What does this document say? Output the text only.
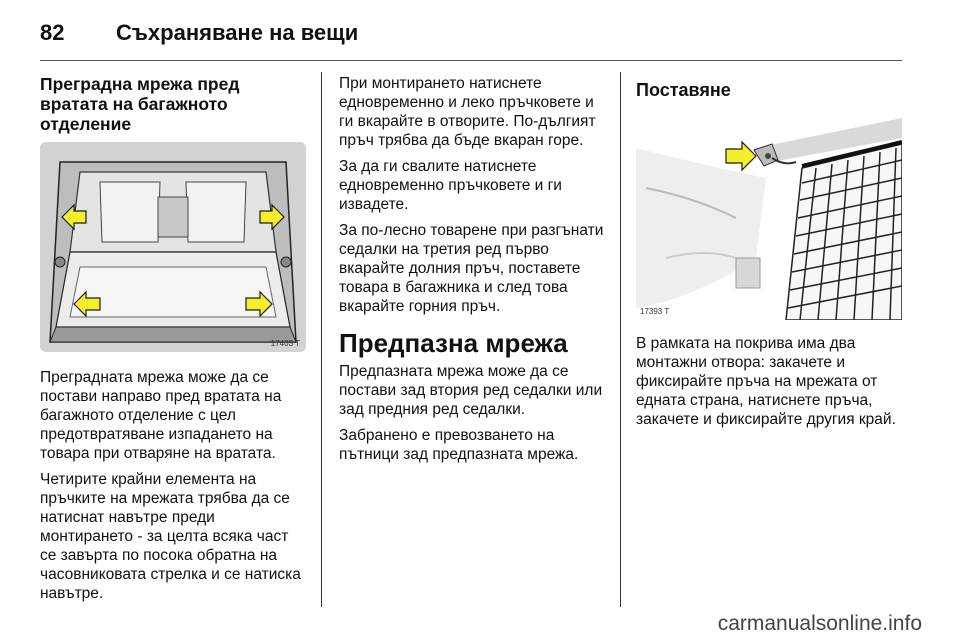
82 Съхраняване на вещи
Преградна мрежа пред вратата на багажното отделение
17403 T

Преградната мрежа може да се постави направо пред вратата на багажното отделение с цел предотвратяване изпадането на товара при отваряне на вратата.

Четирите крайни елемента на пръчките на мрежата трябва да се натиснат навътре преди монтирането - за целта всяка част се завърта по посока обратна на часовниковата стрелка и се натиска навътре.

При монтирането натиснете едновременно и леко пръчковете и ги вкарайте в отворите. По-дългият пръч трябва да бъде вкаран горе.

За да ги свалите натиснете едновременно пръчковете и ги извадете.

За по-лесно товарене при разгънати седалки на третия ред първо вкарайте долния пръч, поставете товара в багажника и след това вкарайте горния пръч.

Предпазна мрежа

Предпазната мрежа може да се постави зад втория ред седалки или зад предния ред седалки.

Забранено е превозването на пътници зад предпазната мрежа.

Поставяне
17393 T

В рамката на покрива има два монтажни отвора: закачете и фиксирайте пръча на мрежата от едната страна, натиснете пръча, закачете и фиксирайте другия край.

carmanualsonline.info
